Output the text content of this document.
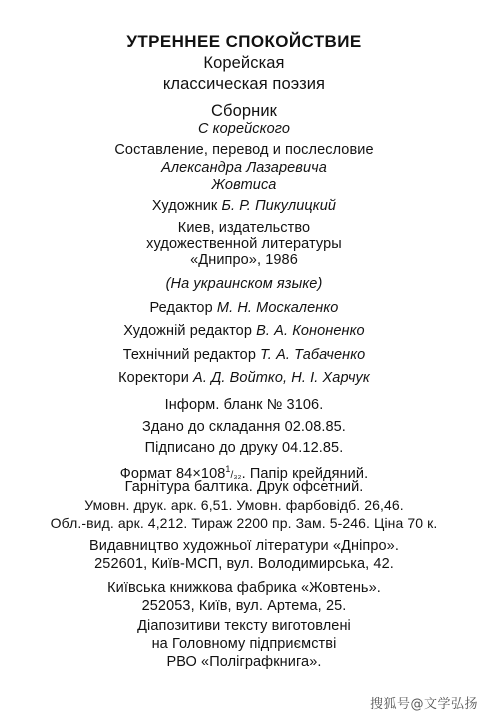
УТРЕННЕЕ СПОКОЙСТВИЕ
Корейская
классическая поэзия
Сборник
С корейского
Составление, перевод и послесловие
Александра Лазаревича
Жовтиса
Художник Б. Р. Пикулицкий
Киев, издательство
художественной литературы
«Днипро», 1986
(На украинском языке)
Редактор М. Н. Москаленко
Художній редактор В. А. Кононенко
Технічний редактор Т. А. Табаченко
Коректори А. Д. Войтко, Н. І. Харчук
Інформ. бланк № 3106.
Здано до складання 02.08.85.
Підписано до друку 04.12.85.
Формат $84\times 108^1/_{32}$. Папір крейдяний.
Гарнітура балтика. Друк офсетний.
Умовн. друк. арк. 6,51. Умовн. фарбовідб. 26,46.
Обл.-вид. арк. 4,212. Тираж 2200 пр. Зам. 5-246. Ціна 70 к.
Видавництво художньої літератури «Дніпро».
252601, Київ-МСП, вул. Володимирська, 42.
Київська книжкова фабрика «Жовтень».
252053, Київ, вул. Артема, 25.
Діапозитиви тексту виготовлені
на Головному підприємстві
РВО «Поліграфкнига».
搜狐号@文学弘扬
